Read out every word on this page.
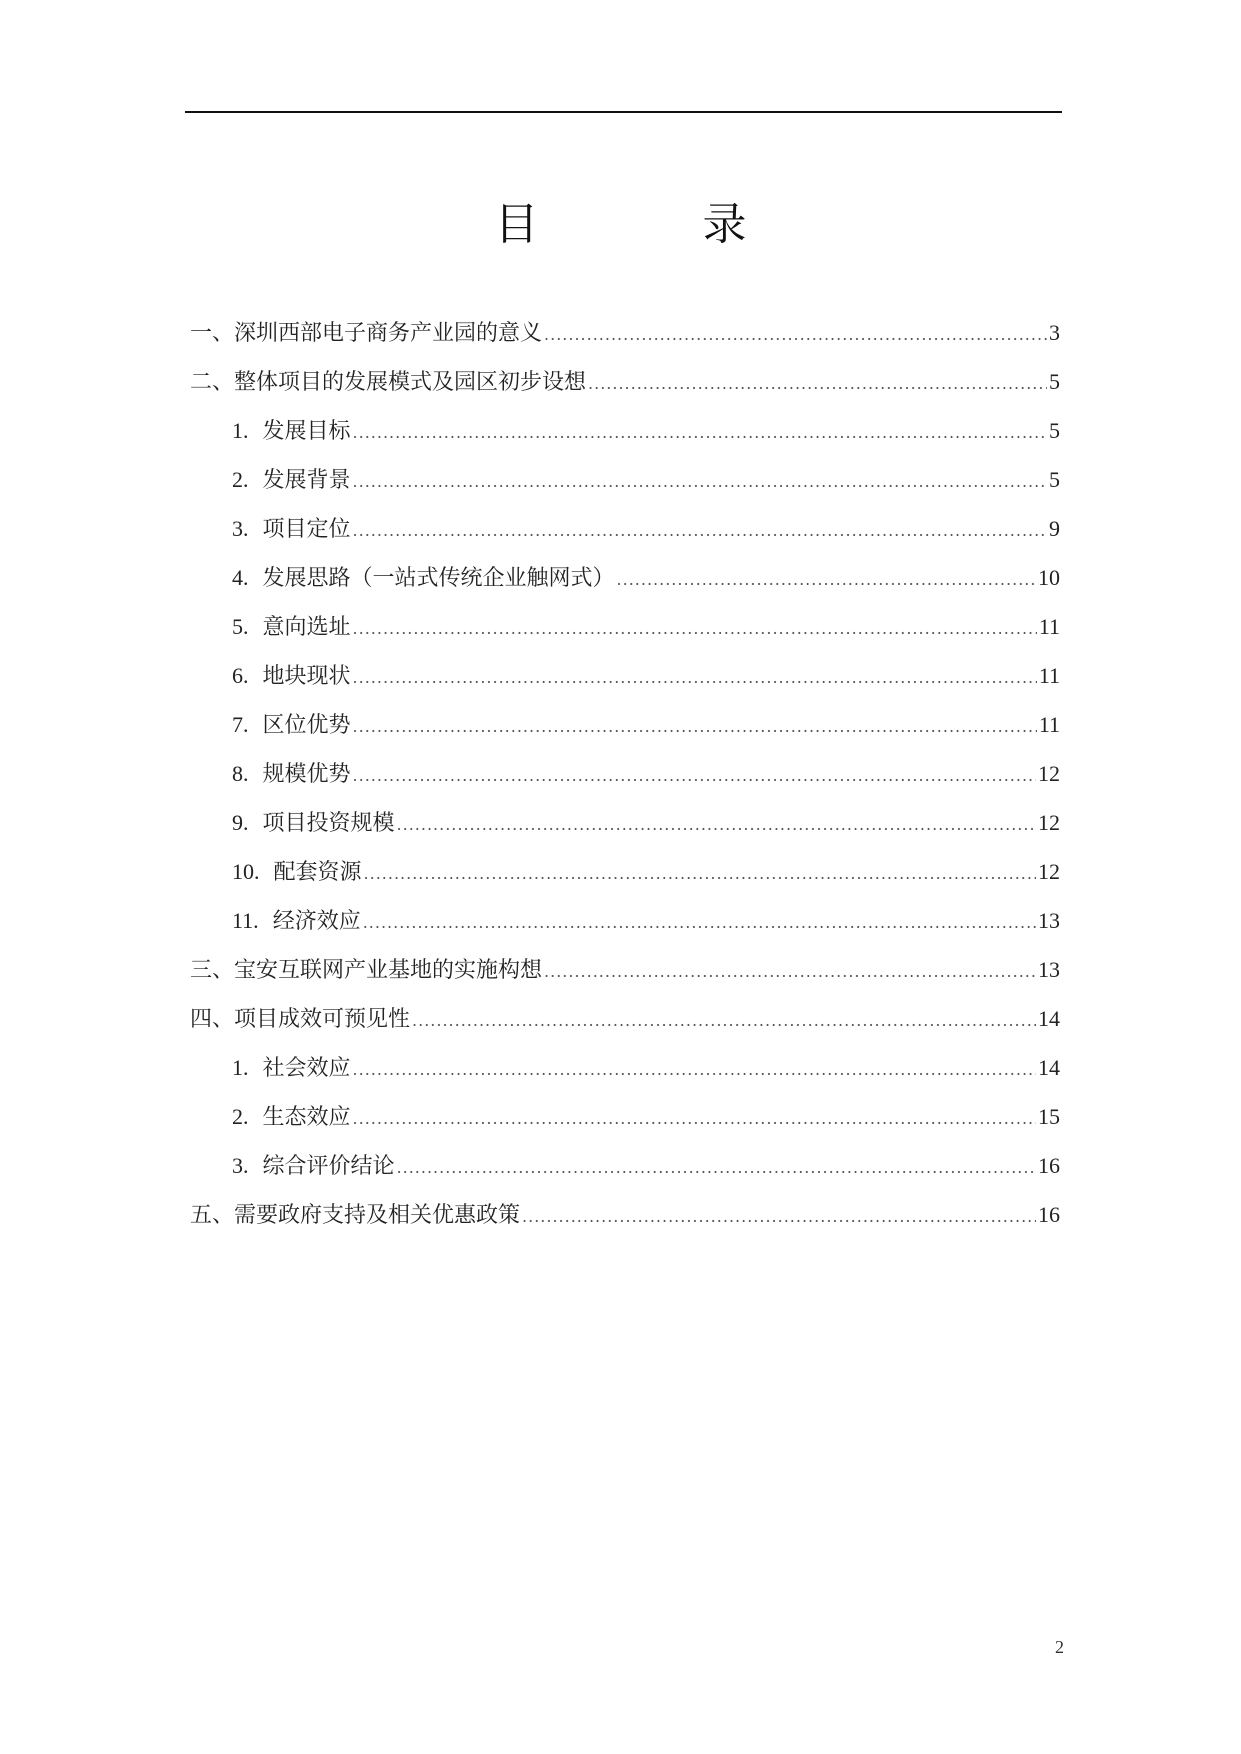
目　录
一、深圳西部电子商务产业园的意义 .....	3
二、整体项目的发展模式及园区初步设想 .....	5
1. 发展目标 .....	5
2. 发展背景 .....	5
3. 项目定位 .....	9
4. 发展思路（一站式传统企业触网式） .....	10
5. 意向选址 .....	11
6. 地块现状 .....	11
7. 区位优势 .....	11
8. 规模优势 .....	12
9. 项目投资规模 .....	12
10. 配套资源 .....	12
11. 经济效应 .....	13
三、宝安互联网产业基地的实施构想 .....	13
四、项目成效可预见性 .....	14
1. 社会效应 .....	14
2. 生态效应 .....	15
3. 综合评价结论 .....	16
五、需要政府支持及相关优惠政策 .....	16
2
